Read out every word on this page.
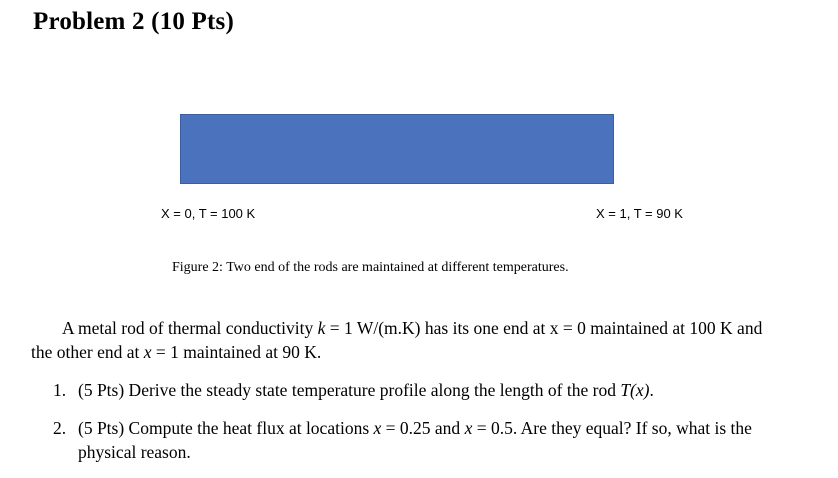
Problem 2 (10 Pts)
X = 0, T = 100 K	X = 1, T = 90 K
Figure 2: Two end of the rods are maintained at different temperatures.
A metal rod of thermal conductivity k = 1 W/(m.K) has its one end at x = 0 maintained at 100 K and the other end at x = 1 maintained at 90 K.
1. (5 Pts) Derive the steady state temperature profile along the length of the rod T(x).
2. (5 Pts) Compute the heat flux at locations x = 0.25 and x = 0.5. Are they equal? If so, what is the physical reason.
